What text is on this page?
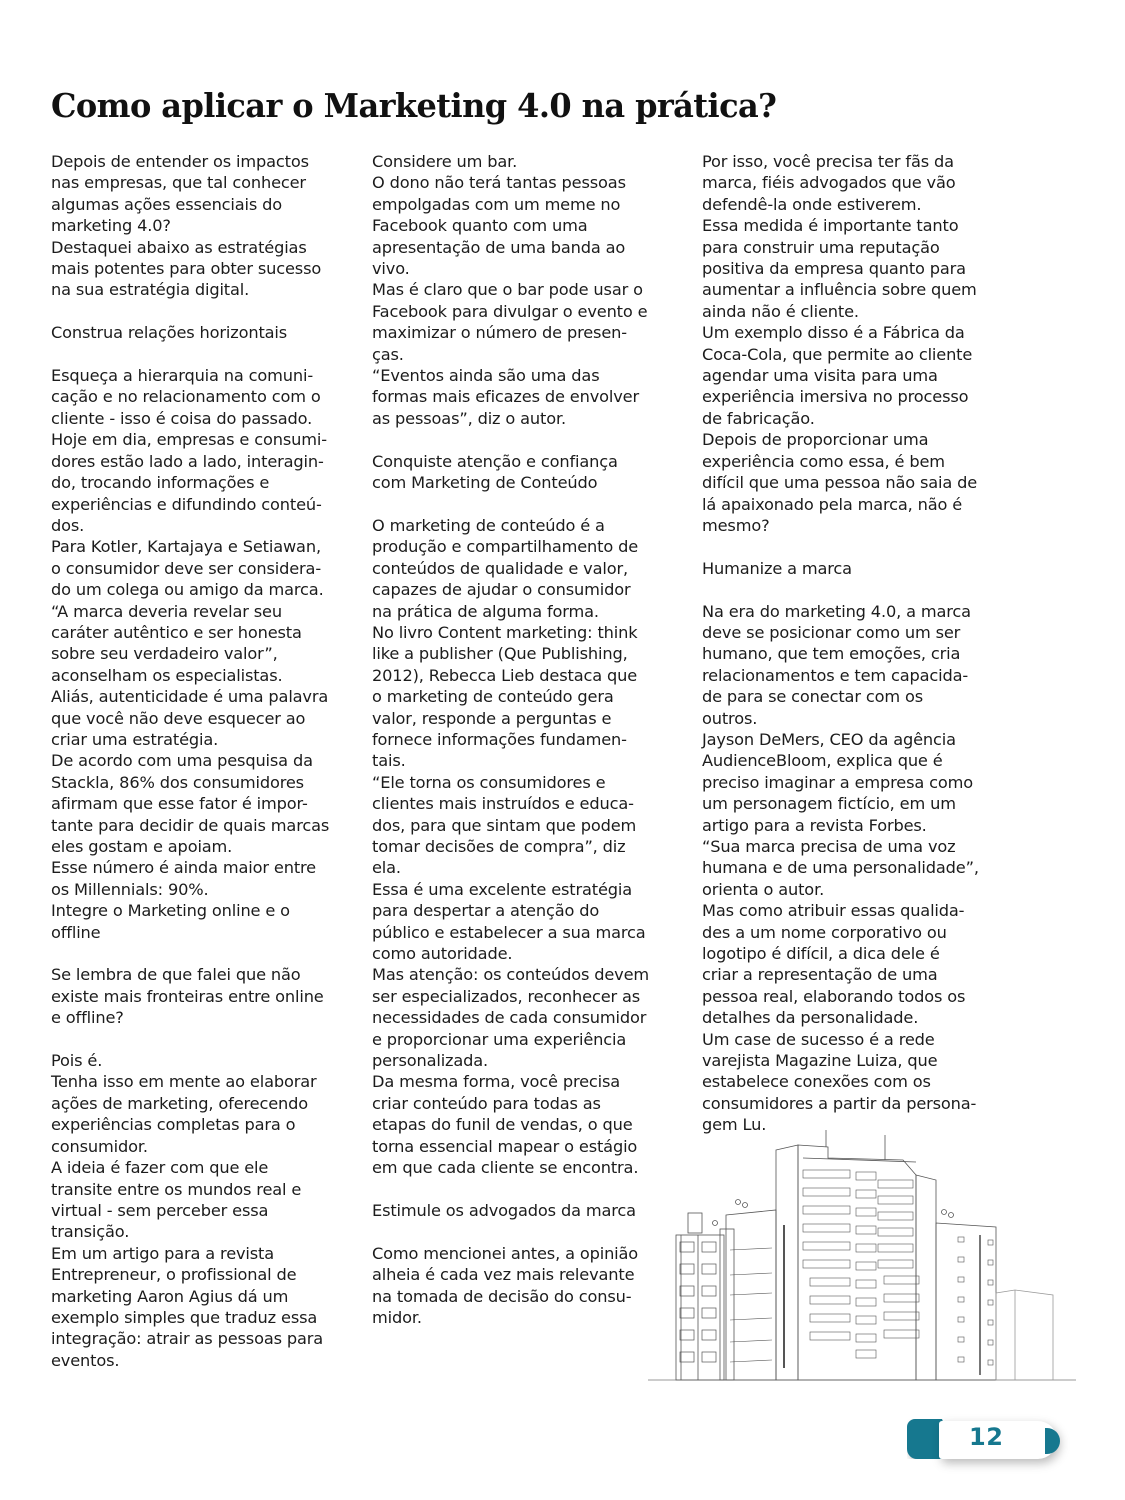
Como aplicar o Marketing 4.0 na prática?
Depois de entender os impactos
nas empresas, que tal conhecer
algumas ações essenciais do
marketing 4.0?
Destaquei abaixo as estratégias
mais potentes para obter sucesso
na sua estratégia digital.

Construa relações horizontais

Esqueça a hierarquia na comuni-
cação e no relacionamento com o
cliente - isso é coisa do passado.
Hoje em dia, empresas e consumi-
dores estão lado a lado, interagin-
do, trocando informações e
experiências e difundindo conteú-
dos.
Para Kotler, Kartajaya e Setiawan,
o consumidor deve ser considera-
do um colega ou amigo da marca.
“A marca deveria revelar seu
caráter autêntico e ser honesta
sobre seu verdadeiro valor”,
aconselham os especialistas.
Aliás, autenticidade é uma palavra
que você não deve esquecer ao
criar uma estratégia.
De acordo com uma pesquisa da
Stackla, 86% dos consumidores
afirmam que esse fator é impor-
tante para decidir de quais marcas
eles gostam e apoiam.
Esse número é ainda maior entre
os Millennials: 90%.
Integre o Marketing online e o
offline

Se lembra de que falei que não
existe mais fronteiras entre online
e offline?

Pois é.
Tenha isso em mente ao elaborar
ações de marketing, oferecendo
experiências completas para o
consumidor.
A ideia é fazer com que ele
transite entre os mundos real e
virtual - sem perceber essa
transição.
Em um artigo para a revista
Entrepreneur, o profissional de
marketing Aaron Agius dá um
exemplo simples que traduz essa
integração: atrair as pessoas para
eventos.
Considere um bar.
O dono não terá tantas pessoas
empolgadas com um meme no
Facebook quanto com uma
apresentação de uma banda ao
vivo.
Mas é claro que o bar pode usar o
Facebook para divulgar o evento e
maximizar o número de presen-
ças.
“Eventos ainda são uma das
formas mais eficazes de envolver
as pessoas”, diz o autor.

Conquiste atenção e confiança
com Marketing de Conteúdo

O marketing de conteúdo é a
produção e compartilhamento de
conteúdos de qualidade e valor,
capazes de ajudar o consumidor
na prática de alguma forma.
No livro Content marketing: think
like a publisher (Que Publishing,
2012), Rebecca Lieb destaca que
o marketing de conteúdo gera
valor, responde a perguntas e
fornece informações fundamen-
tais.
“Ele torna os consumidores e
clientes mais instruídos e educa-
dos, para que sintam que podem
tomar decisões de compra”, diz
ela.
Essa é uma excelente estratégia
para despertar a atenção do
público e estabelecer a sua marca
como autoridade.
Mas atenção: os conteúdos devem
ser especializados, reconhecer as
necessidades de cada consumidor
e proporcionar uma experiência
personalizada.
Da mesma forma, você precisa
criar conteúdo para todas as
etapas do funil de vendas, o que
torna essencial mapear o estágio
em que cada cliente se encontra.

Estimule os advogados da marca

Como mencionei antes, a opinião
alheia é cada vez mais relevante
na tomada de decisão do consu-
midor.
Por isso, você precisa ter fãs da
marca, fiéis advogados que vão
defendê-la onde estiverem.
Essa medida é importante tanto
para construir uma reputação
positiva da empresa quanto para
aumentar a influência sobre quem
ainda não é cliente.
Um exemplo disso é a Fábrica da
Coca-Cola, que permite ao cliente
agendar uma visita para uma
experiência imersiva no processo
de fabricação.
Depois de proporcionar uma
experiência como essa, é bem
difícil que uma pessoa não saia de
lá apaixonado pela marca, não é
mesmo?

Humanize a marca

Na era do marketing 4.0, a marca
deve se posicionar como um ser
humano, que tem emoções, cria
relacionamentos e tem capacida-
de para se conectar com os
outros.
Jayson DeMers, CEO da agência
AudienceBloom, explica que é
preciso imaginar a empresa como
um personagem fictício, em um
artigo para a revista Forbes.
“Sua marca precisa de uma voz
humana e de uma personalidade”,
orienta o autor.
Mas como atribuir essas qualida-
des a um nome corporativo ou
logotipo é difícil, a dica dele é
criar a representação de uma
pessoa real, elaborando todos os
detalhes da personalidade.
Um case de sucesso é a rede
varejista Magazine Luiza, que
estabelece conexões com os
consumidores a partir da persona-
gem Lu.
12
